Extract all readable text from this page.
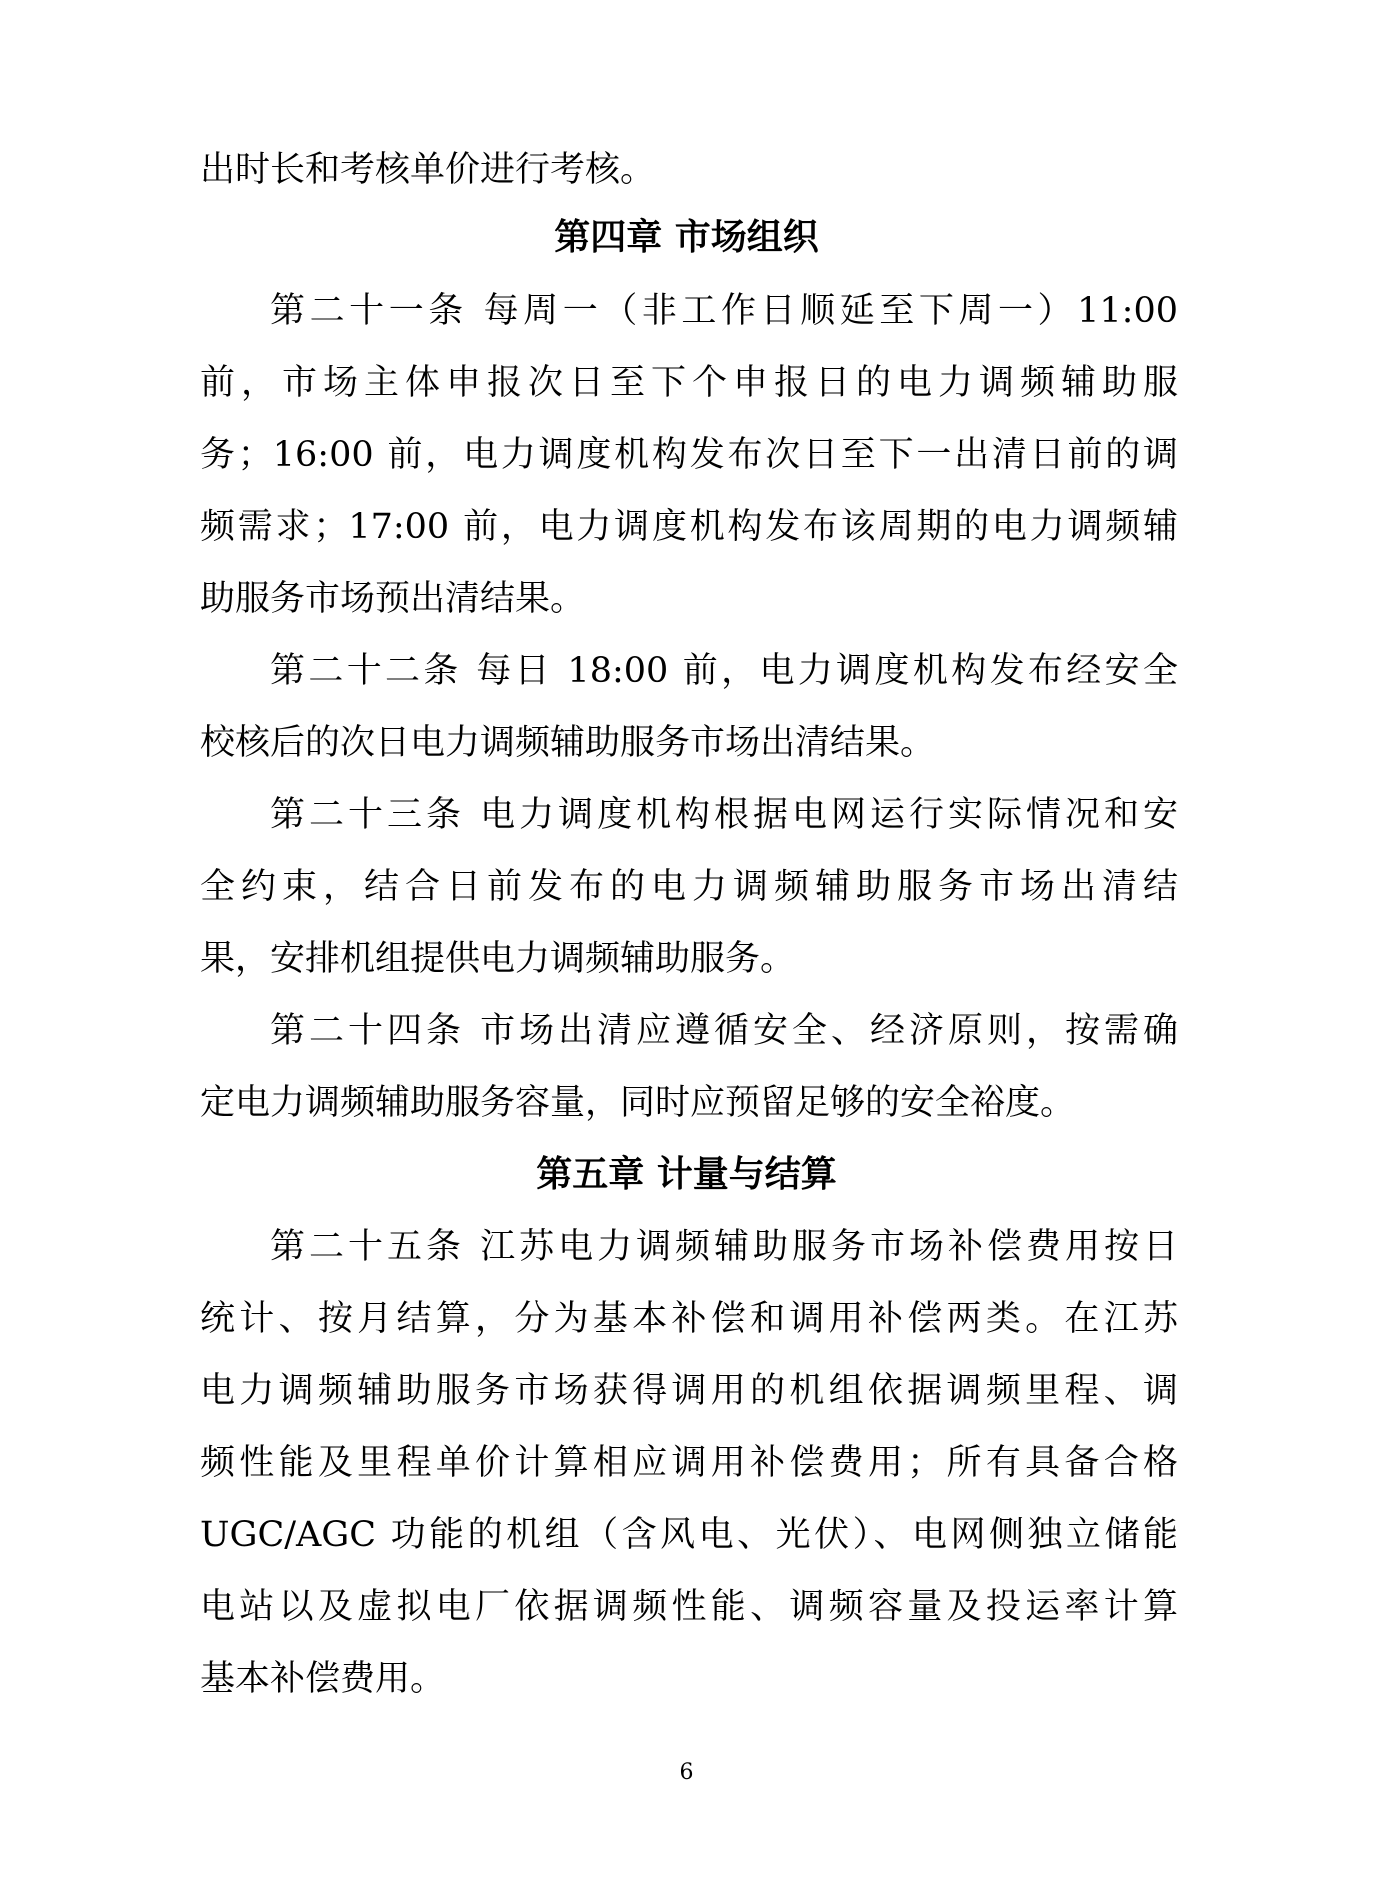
出时长和考核单价进行考核。
第四章 市场组织
第二十一条 每周一（非工作日顺延至下周一）11:00
前，市场主体申报次日至下个申报日的电力调频辅助服
务；16:00 前，电力调度机构发布次日至下一出清日前的调
频需求；17:00 前，电力调度机构发布该周期的电力调频辅
助服务市场预出清结果。
第二十二条 每日 18:00 前，电力调度机构发布经安全
校核后的次日电力调频辅助服务市场出清结果。
第二十三条 电力调度机构根据电网运行实际情况和安
全约束，结合日前发布的电力调频辅助服务市场出清结
果，安排机组提供电力调频辅助服务。
第二十四条 市场出清应遵循安全、经济原则，按需确
定电力调频辅助服务容量，同时应预留足够的安全裕度。
第五章 计量与结算
第二十五条 江苏电力调频辅助服务市场补偿费用按日
统计、按月结算，分为基本补偿和调用补偿两类。在江苏
电力调频辅助服务市场获得调用的机组依据调频里程、调
频性能及里程单价计算相应调用补偿费用；所有具备合格
UGC/AGC 功能的机组（含风电、光伏）、电网侧独立储能
电站以及虚拟电厂依据调频性能、调频容量及投运率计算
基本补偿费用。
6
